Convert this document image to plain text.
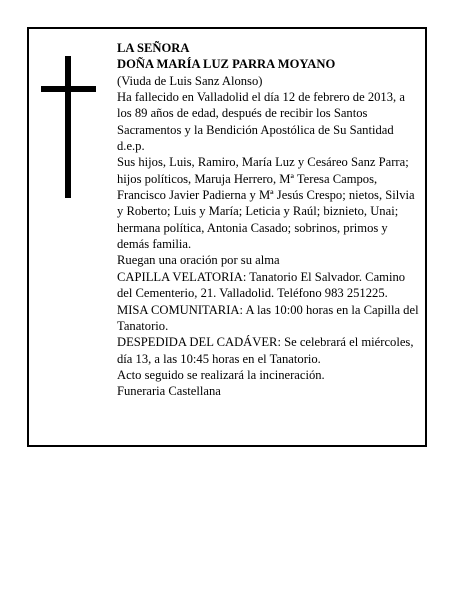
LA SEÑORA

DOÑA MARÍA LUZ PARRA MOYANO

(Viuda de Luis Sanz Alonso)

Ha fallecido en Valladolid el día 12 de febrero de 2013, a los 89 años de edad, después de recibir los Santos Sacramentos y la Bendición Apostólica de Su Santidad

d.e.p.

Sus hijos, Luis, Ramiro, María Luz y Cesáreo Sanz Parra; hijos políticos, Maruja Herrero, Mª Teresa Campos, Francisco Javier Padierna y Mª Jesús Crespo; nietos, Silvia y Roberto; Luis y María; Leticia y Raúl; biznieto, Unai; hermana política, Antonia Casado; sobrinos, primos y demás familia.

Ruegan una oración por su alma

CAPILLA VELATORIA: Tanatorio El Salvador. Camino del Cementerio, 21. Valladolid. Teléfono 983 251225.

MISA COMUNITARIA: A las 10:00 horas en la Capilla del Tanatorio.

DESPEDIDA DEL CADÁVER: Se celebrará el miércoles, día 13, a las 10:45 horas en el Tanatorio.

Acto seguido se realizará la incineración.

Funeraria Castellana
